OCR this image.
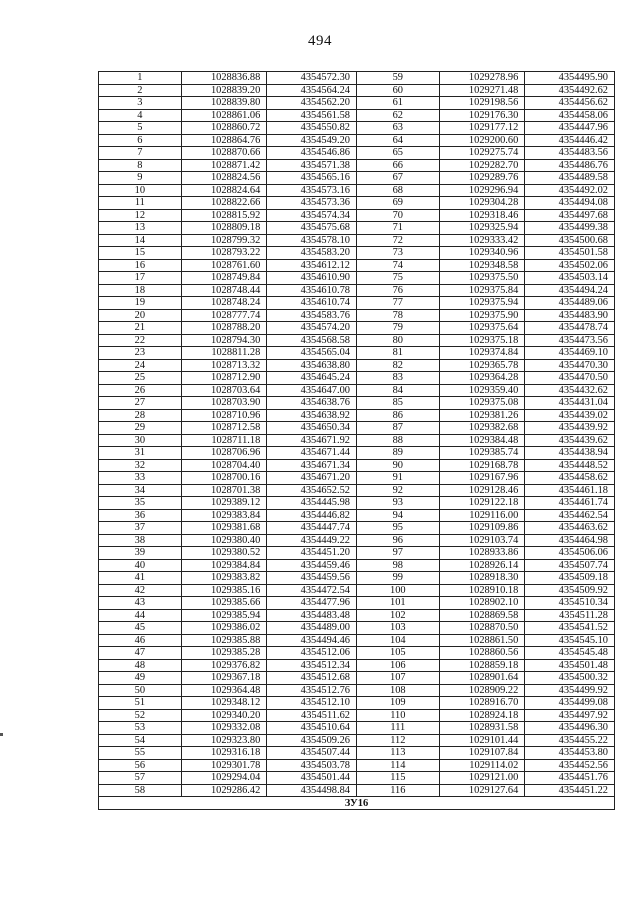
494
1	1028836.88	4354572.30	59	1029278.96	4354495.90
2	1028839.20	4354564.24	60	1029271.48	4354492.62
3	1028839.80	4354562.20	61	1029198.56	4354456.62
4	1028861.06	4354561.58	62	1029176.30	4354458.06
5	1028860.72	4354550.82	63	1029177.12	4354447.96
6	1028864.76	4354549.20	64	1029200.60	4354446.42
7	1028870.66	4354546.86	65	1029275.74	4354483.56
8	1028871.42	4354571.38	66	1029282.70	4354486.76
9	1028824.56	4354565.16	67	1029289.76	4354489.58
10	1028824.64	4354573.16	68	1029296.94	4354492.02
11	1028822.66	4354573.36	69	1029304.28	4354494.08
12	1028815.92	4354574.34	70	1029318.46	4354497.68
13	1028809.18	4354575.68	71	1029325.94	4354499.38
14	1028799.32	4354578.10	72	1029333.42	4354500.68
15	1028793.22	4354583.20	73	1029340.96	4354501.58
16	1028761.60	4354612.12	74	1029348.58	4354502.06
17	1028749.84	4354610.90	75	1029375.50	4354503.14
18	1028748.44	4354610.78	76	1029375.84	4354494.24
19	1028748.24	4354610.74	77	1029375.94	4354489.06
20	1028777.74	4354583.76	78	1029375.90	4354483.90
21	1028788.20	4354574.20	79	1029375.64	4354478.74
22	1028794.30	4354568.58	80	1029375.18	4354473.56
23	1028811.28	4354565.04	81	1029374.84	4354469.10
24	1028713.32	4354638.80	82	1029365.78	4354470.30
25	1028712.90	4354645.24	83	1029364.28	4354470.50
26	1028703.64	4354647.00	84	1029359.40	4354432.62
27	1028703.90	4354638.76	85	1029375.08	4354431.04
28	1028710.96	4354638.92	86	1029381.26	4354439.02
29	1028712.58	4354650.34	87	1029382.68	4354439.92
30	1028711.18	4354671.92	88	1029384.48	4354439.62
31	1028706.96	4354671.44	89	1029385.74	4354438.94
32	1028704.40	4354671.34	90	1029168.78	4354448.52
33	1028700.16	4354671.20	91	1029167.96	4354458.62
34	1028701.38	4354652.52	92	1029128.46	4354461.18
35	1029389.12	4354445.98	93	1029122.18	4354461.74
36	1029383.84	4354446.82	94	1029116.00	4354462.54
37	1029381.68	4354447.74	95	1029109.86	4354463.62
38	1029380.40	4354449.22	96	1029103.74	4354464.98
39	1029380.52	4354451.20	97	1028933.86	4354506.06
40	1029384.84	4354459.46	98	1028926.14	4354507.74
41	1029383.82	4354459.56	99	1028918.30	4354509.18
42	1029385.16	4354472.54	100	1028910.18	4354509.92
43	1029385.66	4354477.96	101	1028902.10	4354510.34
44	1029385.94	4354483.48	102	1028869.58	4354511.28
45	1029386.02	4354489.00	103	1028870.50	4354541.52
46	1029385.88	4354494.46	104	1028861.50	4354545.10
47	1029385.28	4354512.06	105	1028860.56	4354545.48
48	1029376.82	4354512.34	106	1028859.18	4354501.48
49	1029367.18	4354512.68	107	1028901.64	4354500.32
50	1029364.48	4354512.76	108	1028909.22	4354499.92
51	1029348.12	4354512.10	109	1028916.70	4354499.08
52	1029340.20	4354511.62	110	1028924.18	4354497.92
53	1029332.08	4354510.64	111	1028931.58	4354496.30
54	1029323.80	4354509.26	112	1029101.44	4354455.22
55	1029316.18	4354507.44	113	1029107.84	4354453.80
56	1029301.78	4354503.78	114	1029114.02	4354452.56
57	1029294.04	4354501.44	115	1029121.00	4354451.76
58	1029286.42	4354498.84	116	1029127.64	4354451.22
ЗУ16					
